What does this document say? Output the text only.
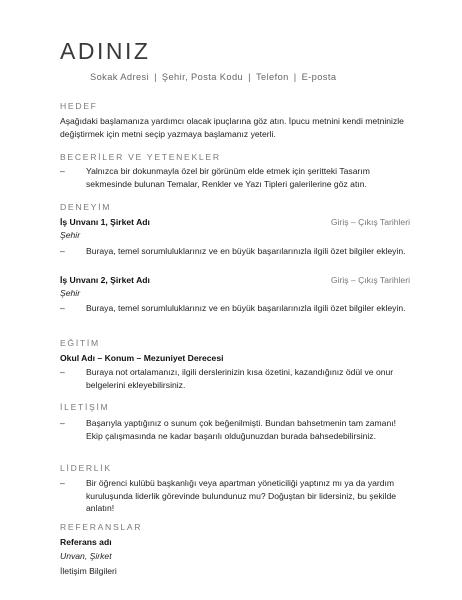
ADINIZ
Sokak Adresi | Şehir, Posta Kodu | Telefon | E-posta
HEDEF
Aşağıdaki başlamanıza yardımcı olacak ipuçlarına göz atın. İpucu metnini kendi metninizle değiştirmek için metni seçip yazmaya başlamanız yeterli.
BECERİLER VE YETENEKLER
– Yalnızca bir dokunmayla özel bir görünüm elde etmek için şeritteki Tasarım sekmesinde bulunan Temalar, Renkler ve Yazı Tipleri galerilerine göz atın.
DENEYİM
İş Unvanı 1, Şirket Adı	Giriş – Çıkış Tarihleri
Şehir
– Buraya, temel sorumluluklarınız ve en büyük başarılarınızla ilgili özet bilgiler ekleyin.
İş Unvanı 2, Şirket Adı	Giriş – Çıkış Tarihleri
Şehir
– Buraya, temel sorumluluklarınız ve en büyük başarılarınızla ilgili özet bilgiler ekleyin.
EĞİTİM
Okul Adı – Konum – Mezuniyet Derecesi
– Buraya not ortalamanızı, ilgili derslerinizin kısa özetini, kazandığınız ödül ve onur belgelerini ekleyebilirsiniz.
İLETİŞİM
– Başarıyla yaptığınız o sunum çok beğenilmişti. Bundan bahsetmenin tam zamanı! Ekip çalışmasında ne kadar başarılı olduğunuzdan burada bahsedebilirsiniz.
LİDERLİK
– Bir öğrenci kulübü başkanlığı veya apartman yöneticiliği yaptınız mı ya da yardım kuruluşunda liderlik görevinde bulundunuz mu? Doğuştan bir lidersiniz, bu şekilde anlatın!
REFERANSLAR
Referans adı
Unvan, Şirket
İletişim Bilgileri
